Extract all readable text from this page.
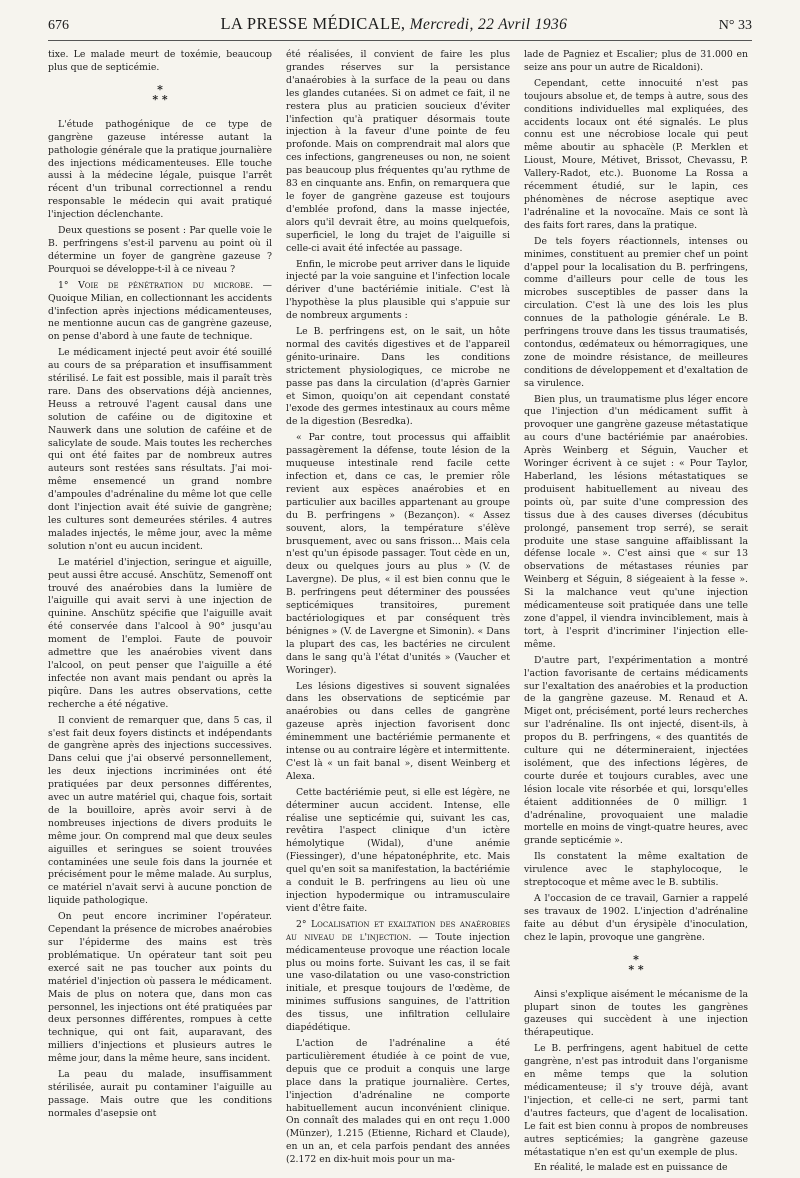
676	LA PRESSE MÉDICALE, Mercredi, 22 Avril 1936	N° 33

tixe. Le malade meurt de toxémie, beaucoup plus que de septicémie.

*
* *

L'étude pathogénique de ce type de gangrène gazeuse intéresse autant la pathologie générale que la pratique journalière des injections médicamenteuses. Elle touche aussi à la médecine légale, puisque l'arrêt récent d'un tribunal correctionnel a rendu responsable le médecin qui avait pratiqué l'injection déclenchante.

Deux questions se posent : Par quelle voie le B. perfringens s'est-il parvenu au point où il détermine un foyer de gangrène gazeuse ? Pourquoi se développe-t-il à ce niveau ?

1° Voie de pénétration du microbe. — Quoique Milian, en collectionnant les accidents d'infection après injections médicamenteuses, ne mentionne aucun cas de gangrène gazeuse, on pense d'abord à une faute de technique.

Le médicament injecté peut avoir été souillé au cours de sa préparation et insuffisamment stérilisé. Le fait est possible, mais il paraît très rare. Dans des observations déjà anciennes, Heuss a retrouvé l'agent causal dans une solution de caféine ou de digitoxine et Nauwerk dans une solution de caféine et de salicylate de soude. Mais toutes les recherches qui ont été faites par de nombreux autres auteurs sont restées sans résultats. J'ai moi-même ensemencé un grand nombre d'ampoules d'adrénaline du même lot que celle dont l'injection avait été suivie de gangrène; les cultures sont demeurées stériles. 4 autres malades injectés, le même jour, avec la même solution n'ont eu aucun incident.

Le matériel d'injection, seringue et aiguille, peut aussi être accusé. Anschütz, Semenoff ont trouvé des anaérobies dans la lumière de l'aiguille qui avait servi à une injection de quinine. Anschütz spécifie que l'aiguille avait été conservée dans l'alcool à 90° jusqu'au moment de l'emploi. Faute de pouvoir admettre que les anaérobies vivent dans l'alcool, on peut penser que l'aiguille a été infectée non avant mais pendant ou après la piqûre. Dans les autres observations, cette recherche a été négative.

Il convient de remarquer que, dans 5 cas, il s'est fait deux foyers distincts et indépendants de gangrène après des injections successives. Dans celui que j'ai observé personnellement, les deux injections incriminées ont été pratiquées par deux personnes différentes, avec un autre matériel qui, chaque fois, sortait de la bouilloire, après avoir servi à de nombreuses injections de divers produits le même jour. On comprend mal que deux seules aiguilles et seringues se soient trouvées contaminées une seule fois dans la journée et précisément pour le même malade. Au surplus, ce matériel n'avait servi à aucune ponction de liquide pathologique.

On peut encore incriminer l'opérateur. Cependant la présence de microbes anaérobies sur l'épiderme des mains est très problématique. Un opérateur tant soit peu exercé sait ne pas toucher aux points du matériel d'injection où passera le médicament. Mais de plus on notera que, dans mon cas personnel, les injections ont été pratiquées par deux personnes différentes, rompues à cette technique, qui ont fait, auparavant, des milliers d'injections et plusieurs autres le même jour, dans la même heure, sans incident.

La peau du malade, insuffisamment stérilisée, aurait pu contaminer l'aiguille au passage. Mais outre que les conditions normales d'asepsie ont

été réalisées, il convient de faire les plus grandes réserves sur la persistance d'anaérobies à la surface de la peau ou dans les glandes cutanées. Si on admet ce fait, il ne restera plus au praticien soucieux d'éviter l'infection qu'à pratiquer désormais toute injection à la faveur d'une pointe de feu profonde. Mais on comprendrait mal alors que ces infections, gangreneuses ou non, ne soient pas beaucoup plus fréquentes qu'au rythme de 83 en cinquante ans. Enfin, on remarquera que le foyer de gangrène gazeuse est toujours d'emblée profond, dans la masse injectée, alors qu'il devrait être, au moins quelquefois, superficiel, le long du trajet de l'aiguille si celle-ci avait été infectée au passage.

Enfin, le microbe peut arriver dans le liquide injecté par la voie sanguine et l'infection locale dériver d'une bactériémie initiale. C'est là l'hypothèse la plus plausible qui s'appuie sur de nombreux arguments :

Le B. perfringens est, on le sait, un hôte normal des cavités digestives et de l'appareil génito-urinaire. Dans les conditions strictement physiologiques, ce microbe ne passe pas dans la circulation (d'après Garnier et Simon, quoiqu'on ait cependant constaté l'exode des germes intestinaux au cours même de la digestion (Besredka).

« Par contre, tout processus qui affaiblit passagèrement la défense, toute lésion de la muqueuse intestinale rend facile cette infection et, dans ce cas, le premier rôle revient aux espèces anaérobies et en particulier aux bacilles appartenant au groupe du B. perfringens » (Bezançon). « Assez souvent, alors, la température s'élève brusquement, avec ou sans frisson... Mais cela n'est qu'un épisode passager. Tout cède en un, deux ou quelques jours au plus » (V. de Lavergne). De plus, « il est bien connu que le B. perfringens peut déterminer des poussées septicémiques transitoires, purement bactériologiques et par conséquent très bénignes » (V. de Lavergne et Simonin). « Dans la plupart des cas, les bactéries ne circulent dans le sang qu'à l'état d'unités » (Vaucher et Woringer).

Les lésions digestives si souvent signalées dans les observations de septicémie par anaérobies ou dans celles de gangrène gazeuse après injection favorisent donc éminemment une bactériémie permanente et intense ou au contraire légère et intermittente. C'est là « un fait banal », disent Weinberg et Alexa.

Cette bactériémie peut, si elle est légère, ne déterminer aucun accident. Intense, elle réalise une septicémie qui, suivant les cas, revêtira l'aspect clinique d'un ictère hémolytique (Widal), d'une anémie (Fiessinger), d'une hépatonéphrite, etc. Mais quel qu'en soit sa manifestation, la bactériémie a conduit le B. perfringens au lieu où une injection hypodermique ou intramusculaire vient d'être faite.

2° Localisation et exaltation des anaérobies au niveau de l'injection. — Toute injection médicamenteuse provoque une réaction locale plus ou moins forte. Suivant les cas, il se fait une vaso-dilatation ou une vaso-constriction initiale, et presque toujours de l'œdème, de minimes suffusions sanguines, de l'attrition des tissus, une infiltration cellulaire diapédétique.

L'action de l'adrénaline a été particulièrement étudiée à ce point de vue, depuis que ce produit a conquis une large place dans la pratique journalière. Certes, l'injection d'adrénaline ne comporte habituellement aucun inconvénient clinique. On connaît des malades qui en ont reçu 1.000 (Münzer), 1.215 (Etienne, Richard et Claude), en un an, et cela parfois pendant des années (2.172 en dix-huit mois pour un ma-

lade de Pagniez et Escalier; plus de 31.000 en seize ans pour un autre de Ricaldoni).

Cependant, cette innocuité n'est pas toujours absolue et, de temps à autre, sous des conditions individuelles mal expliquées, des accidents locaux ont été signalés. Le plus connu est une nécrobiose locale qui peut même aboutir au sphacèle (P. Merklen et Lioust, Moure, Métivet, Brissot, Chevassu, P. Vallery-Radot, etc.). Buonome La Rossa a récemment étudié, sur le lapin, ces phénomènes de nécrose aseptique avec l'adrénaline et la novocaïne. Mais ce sont là des faits fort rares, dans la pratique.

De tels foyers réactionnels, intenses ou minimes, constituent au premier chef un point d'appel pour la localisation du B. perfringens, comme d'ailleurs pour celle de tous les microbes susceptibles de passer dans la circulation. C'est là une des lois les plus connues de la pathologie générale. Le B. perfringens trouve dans les tissus traumatisés, contondus, œdémateux ou hémorragiques, une zone de moindre résistance, de meilleures conditions de développement et d'exaltation de sa virulence.

Bien plus, un traumatisme plus léger encore que l'injection d'un médicament suffit à provoquer une gangrène gazeuse métastatique au cours d'une bactériémie par anaérobies. Après Weinberg et Séguin, Vaucher et Woringer écrivent à ce sujet : « Pour Taylor, Haberland, les lésions métastatiques se produisent habituellement au niveau des points où, par suite d'une compression des tissus due à des causes diverses (décubitus prolongé, pansement trop serré), se serait produite une stase sanguine affaiblissant la défense locale ». C'est ainsi que « sur 13 observations de métastases réunies par Weinberg et Séguin, 8 siégeaient à la fesse ». Si la malchance veut qu'une injection médicamenteuse soit pratiquée dans une telle zone d'appel, il viendra invinciblement, mais à tort, à l'esprit d'incriminer l'injection elle-même.

D'autre part, l'expérimentation a montré l'action favorisante de certains médicaments sur l'exaltation des anaérobies et la production de la gangrène gazeuse. M. Renaud et A. Miget ont, précisément, porté leurs recherches sur l'adrénaline. Ils ont injecté, disent-ils, à propos du B. perfringens, « des quantités de culture qui ne détermineraient, injectées isolément, que des infections légères, de courte durée et toujours curables, avec une lésion locale vite résorbée et qui, lorsqu'elles étaient additionnées de 0 milligr. 1 d'adrénaline, provoquaient une maladie mortelle en moins de vingt-quatre heures, avec grande septicémie ».

Ils constatent la même exaltation de virulence avec le staphylocoque, le streptocoque et même avec le B. subtilis.

A l'occasion de ce travail, Garnier a rappelé ses travaux de 1902. L'injection d'adrénaline faite au début d'un érysipèle d'inoculation, chez le lapin, provoque une gangrène.

*
* *

Ainsi s'explique aisément le mécanisme de la plupart sinon de toutes les gangrènes gazeuses qui succèdent à une injection thérapeutique.

Le B. perfringens, agent habituel de cette gangrène, n'est pas introduit dans l'organisme en même temps que la solution médicamenteuse; il s'y trouve déjà, avant l'injection, et celle-ci ne sert, parmi tant d'autres facteurs, que d'agent de localisation. Le fait est bien connu à propos de nombreuses autres septicémies; la gangrène gazeuse métastatique n'en est qu'un exemple de plus.

En réalité, le malade est en puissance de
